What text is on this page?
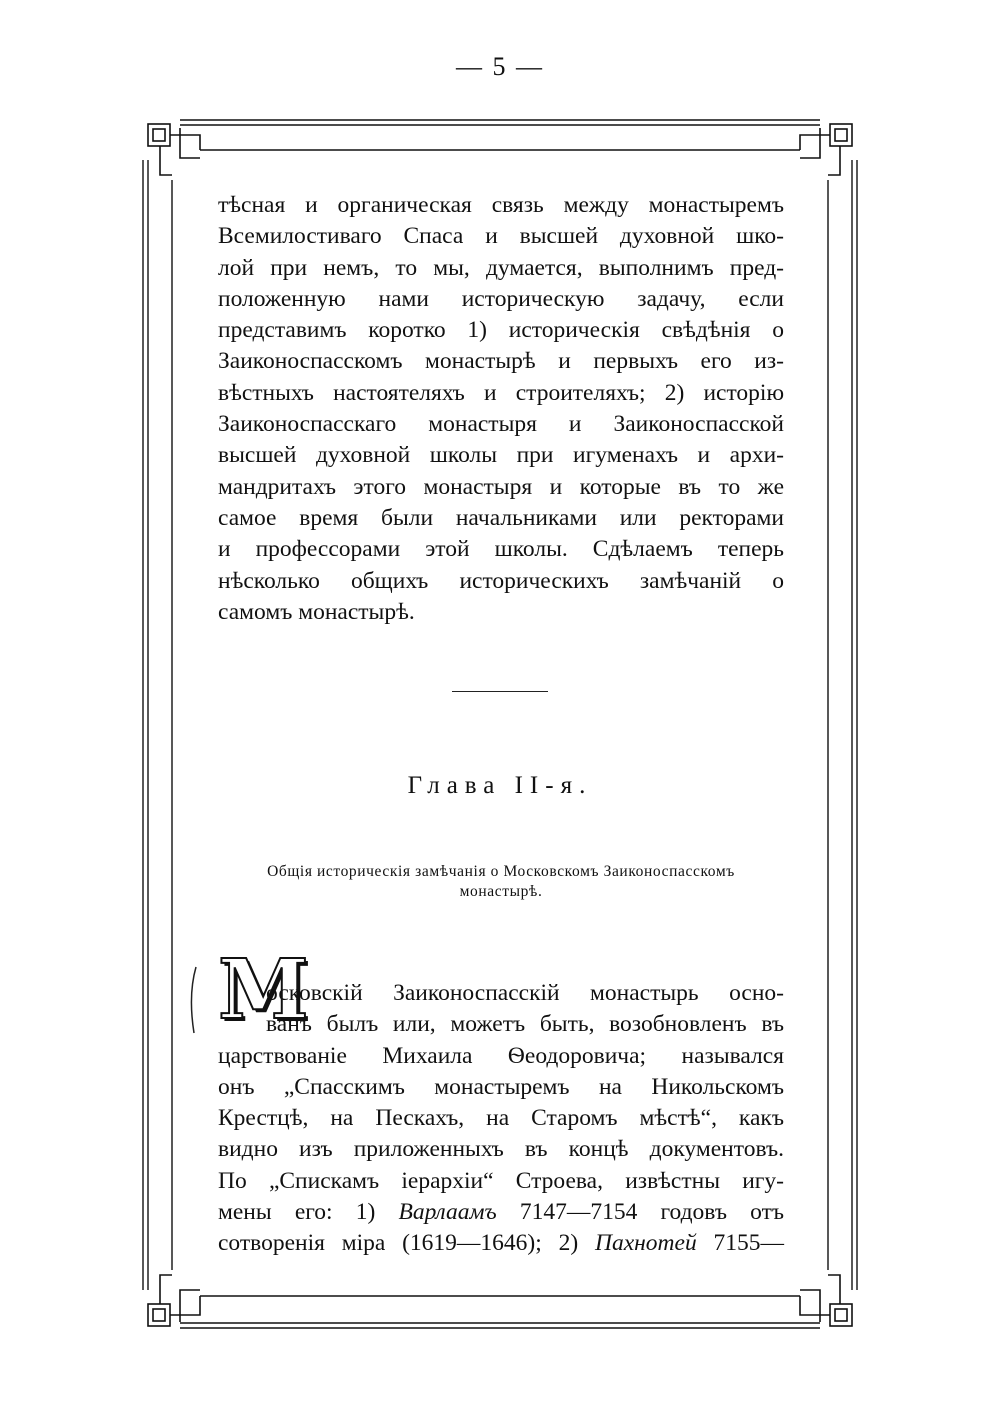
— 5 —
тѣсная и органическая связь между монастыремъ
Всемилостиваго Спаса и высшей духовной шко-
лой при немъ, то мы, думается, выполнимъ пред-
положенную нами историческую задачу, если
представимъ коротко 1) историческія свѣдѣнія о
Заиконоспасскомъ монастырѣ и первыхъ его из-
вѣстныхъ настоятеляхъ и строителяхъ; 2) исторію
Заиконоспасскаго монастыря и Заиконоспасской
высшей духовной школы при игуменахъ и архи-
мандритахъ этого монастыря и которые въ то же
самое время были начальниками или ректорами
и профессорами этой школы. Сдѣлаемъ теперь
нѣсколько общихъ историческихъ замѣчаній о
самомъ монастырѣ.
Глава II-я.
Общія историческія замѣчанія о Московскомъ Заиконоспасскомъ
монастырѣ.
М
осковскій Заиконоспасскій монастырь осно-
ванъ былъ или, можетъ быть, возобновленъ въ
царствованіе Михаила Ѳеодоровича; назывался
онъ „Спасскимъ монастыремъ на Никольскомъ
Крестцѣ, на Пескахъ, на Старомъ мѣстѣ“, какъ
видно изъ приложенныхъ въ концѣ документовъ.
По „Спискамъ іерархіи“ Строева, извѣстны игу-
мены его: 1) Варлаамъ 7147—7154 годовъ отъ
сотворенія міра (1619—1646); 2) Пахнотей 7155—
